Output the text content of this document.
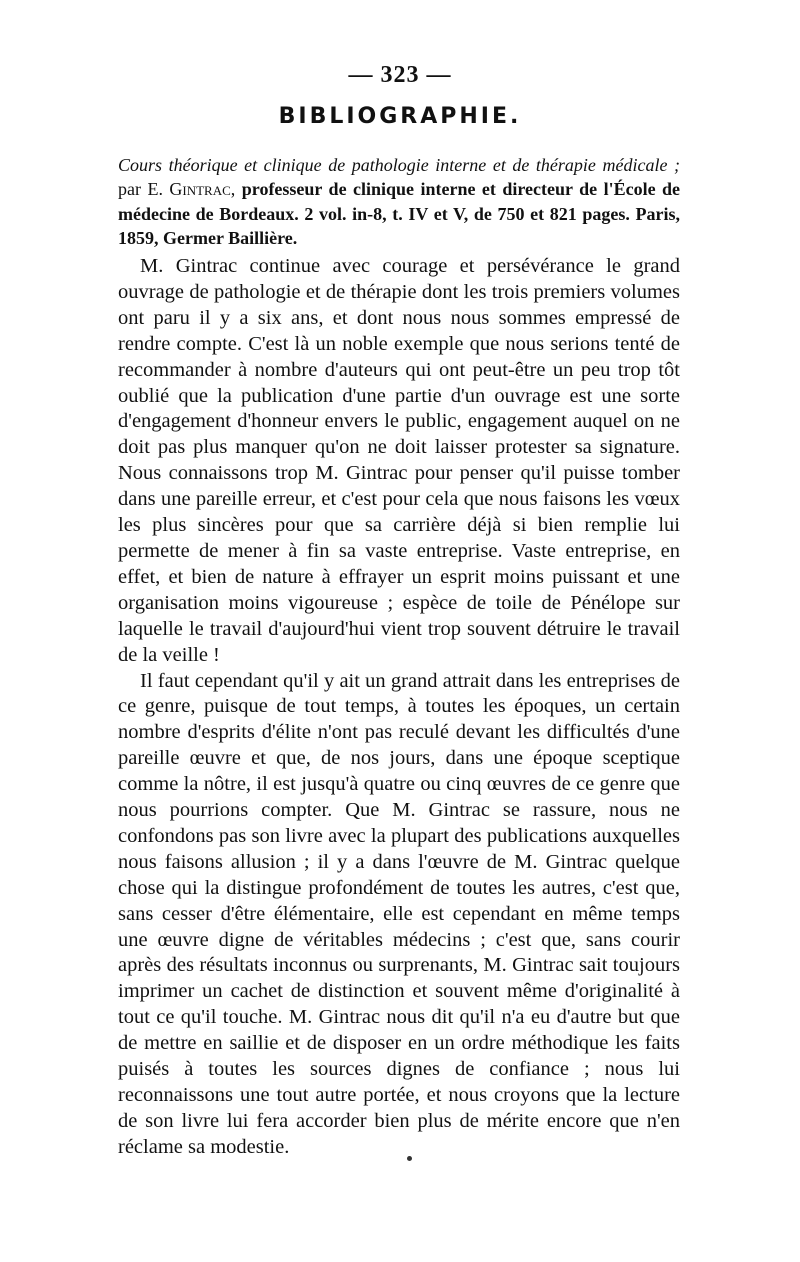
— 323 —
BIBLIOGRAPHIE.
Cours théorique et clinique de pathologie interne et de thérapie médicale ; par E. Gintrac, professeur de clinique interne et directeur de l'École de médecine de Bordeaux. 2 vol. in-8, t. IV et V, de 750 et 821 pages. Paris, 1859, Germer Baillière.

M. Gintrac continue avec courage et persévérance le grand ouvrage de pathologie et de thérapie dont les trois premiers volumes ont paru il y a six ans, et dont nous nous sommes empressé de rendre compte. C'est là un noble exemple que nous serions tenté de recommander à nombre d'auteurs qui ont peut-être un peu trop tôt oublié que la publication d'une partie d'un ouvrage est une sorte d'engagement d'honneur envers le public, engagement auquel on ne doit pas plus manquer qu'on ne doit laisser protester sa signature. Nous connaissons trop M. Gintrac pour penser qu'il puisse tomber dans une pareille erreur, et c'est pour cela que nous faisons les vœux les plus sincères pour que sa carrière déjà si bien remplie lui permette de mener à fin sa vaste entreprise. Vaste entreprise, en effet, et bien de nature à effrayer un esprit moins puissant et une organisation moins vigoureuse ; espèce de toile de Pénélope sur laquelle le travail d'aujourd'hui vient trop souvent détruire le travail de la veille !

Il faut cependant qu'il y ait un grand attrait dans les entreprises de ce genre, puisque de tout temps, à toutes les époques, un certain nombre d'esprits d'élite n'ont pas reculé devant les difficultés d'une pareille œuvre et que, de nos jours, dans une époque sceptique comme la nôtre, il est jusqu'à quatre ou cinq œuvres de ce genre que nous pourrions compter. Que M. Gintrac se rassure, nous ne confondons pas son livre avec la plupart des publications auxquelles nous faisons allusion ; il y a dans l'œuvre de M. Gintrac quelque chose qui la distingue profondément de toutes les autres, c'est que, sans cesser d'être élémentaire, elle est cependant en même temps une œuvre digne de véritables médecins ; c'est que, sans courir après des résultats inconnus ou surprenants, M. Gintrac sait toujours imprimer un cachet de distinction et souvent même d'originalité à tout ce qu'il touche. M. Gintrac nous dit qu'il n'a eu d'autre but que de mettre en saillie et de disposer en un ordre méthodique les faits puisés à toutes les sources dignes de confiance ; nous lui reconnaissons une tout autre portée, et nous croyons que la lecture de son livre lui fera accorder bien plus de mérite encore que n'en réclame sa modestie.
